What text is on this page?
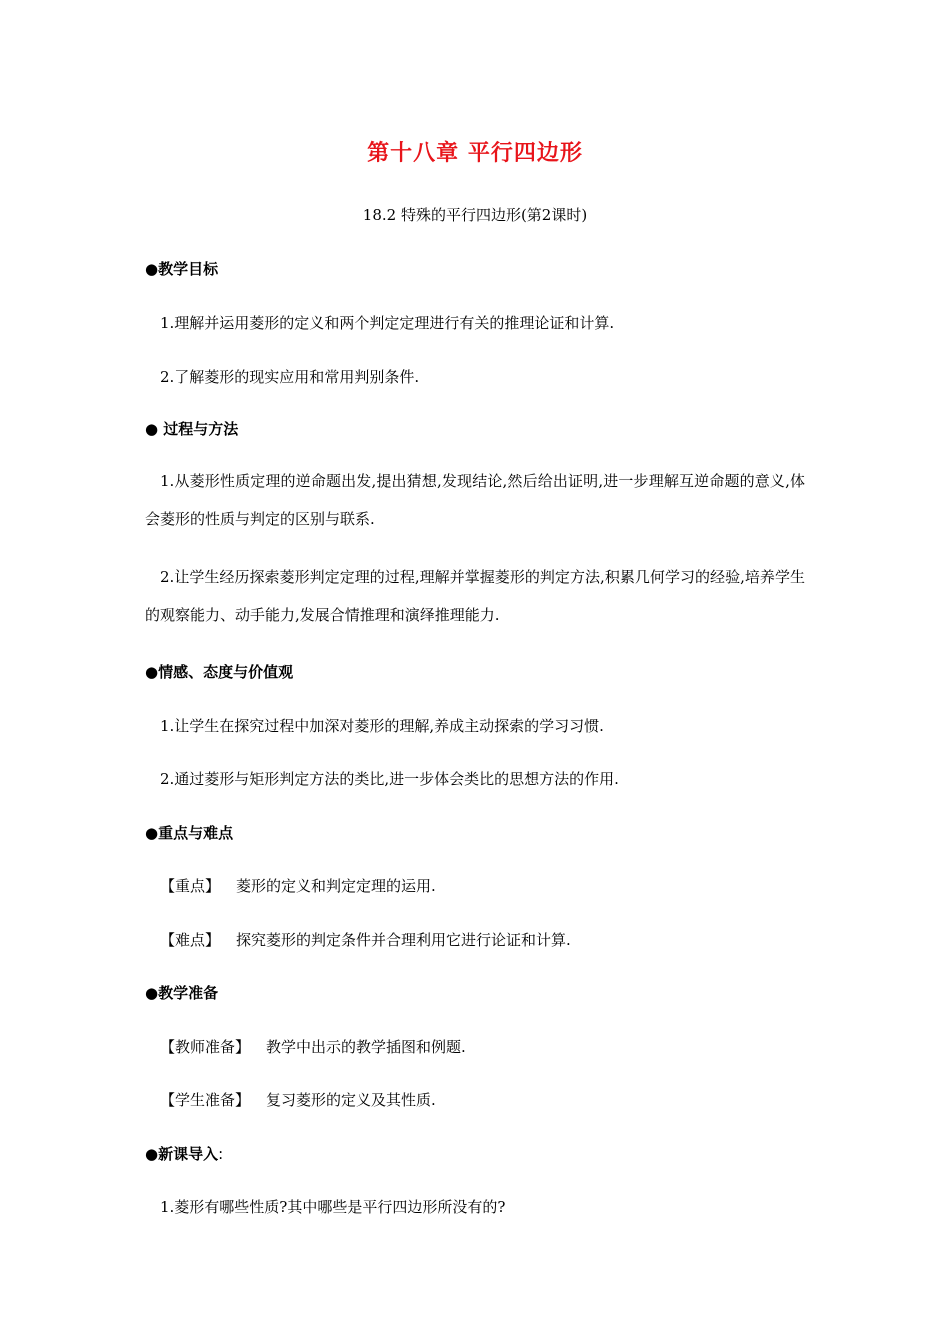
第十八章 平行四边形
18.2 特殊的平行四边形(第2课时)
●教学目标
1.理解并运用菱形的定义和两个判定定理进行有关的推理论证和计算.
2.了解菱形的现实应用和常用判别条件.
● 过程与方法
1.从菱形性质定理的逆命题出发,提出猜想,发现结论,然后给出证明,进一步理解互逆命题的意义,体会菱形的性质与判定的区别与联系.
2.让学生经历探索菱形判定定理的过程,理解并掌握菱形的判定方法,积累几何学习的经验,培养学生的观察能力、动手能力,发展合情推理和演绎推理能力.
●情感、态度与价值观
1.让学生在探究过程中加深对菱形的理解,养成主动探索的学习习惯.
2.通过菱形与矩形判定方法的类比,进一步体会类比的思想方法的作用.
●重点与难点
【重点】 菱形的定义和判定定理的运用.
【难点】 探究菱形的判定条件并合理利用它进行论证和计算.
●教学准备
【教师准备】 教学中出示的教学插图和例题.
【学生准备】 复习菱形的定义及其性质.
●新课导入:
1.菱形有哪些性质?其中哪些是平行四边形所没有的?
